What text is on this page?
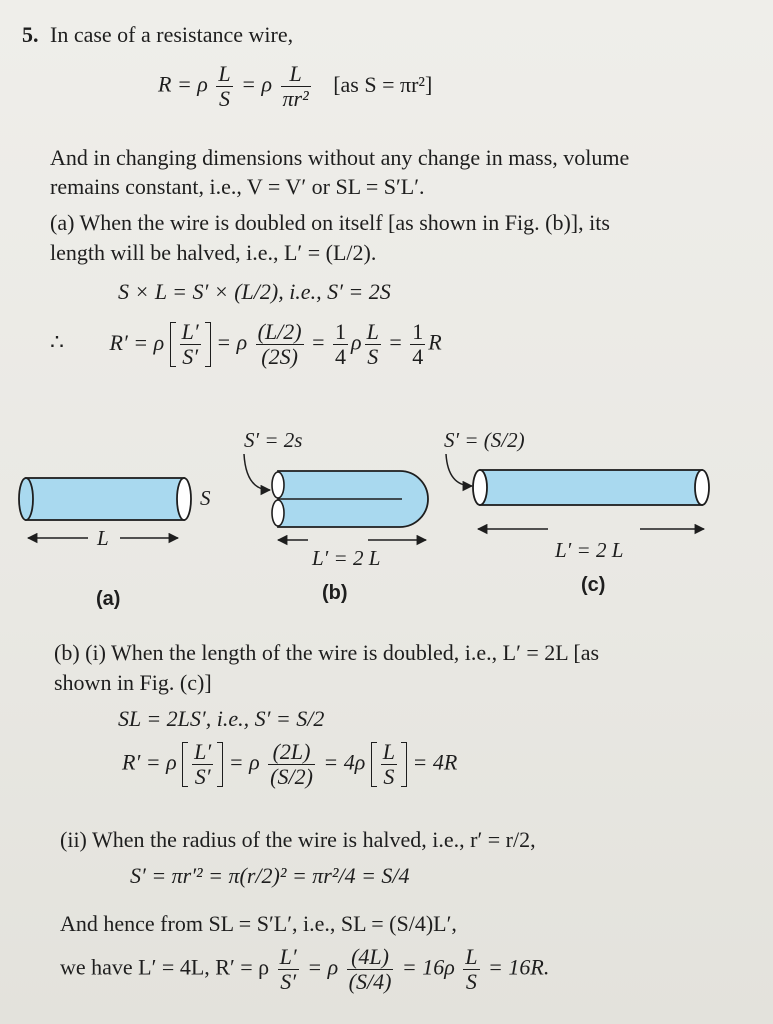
5. In case of a resistance wire,
R = ρ $\frac{L}{S} = \rho \frac{L}{\text{πr²}} [as$ S = πr²]
And in changing dimensions without any change in mass, volume
remains constant, i.e., V = V′ or SL = S′L′.
(a) When the wire is doubled on itself [as shown in Fig. (b)], its
length will be halved, i.e., L′ = (L/2).
S × L = S′ × (L/2), i.e., S′ = 2S
∴ R′ = ρ $\frac{L'}{S'} = \rho \frac{(L/2)}{(2S)} = \frac{1}{4}$ ρ $\frac{L}{S} = \frac{1}{4}$ R
S
L
(a)
S′ = 2s
L′ = 2 L
(b)
S′ = (S/2)
L′ = 2 L
(c)
(b) (i) When the length of the wire is doubled, i.e., L′ = 2L [as
shown in Fig. (c)]
SL = 2LS′, i.e., S′ = S/2
R′ = ρ $\frac{L'}{S'} = \rho \frac{(2L)}{(S/2)} = 4\rho \frac{L}{S} = 4R$
(ii) When the radius of the wire is halved, i.e., r′ = r/2,
S′ = πr′² = π(r/2)² = πr²/4 = S/4
And hence from SL = S′L′, i.e., SL = (S/4)L′,
we have L′ = 4L, R′ = ρ $\frac{L'}{S'} = \rho \frac{(4L)}{(S/4)} = 16\rho \frac{L}{S} = 16R$.
